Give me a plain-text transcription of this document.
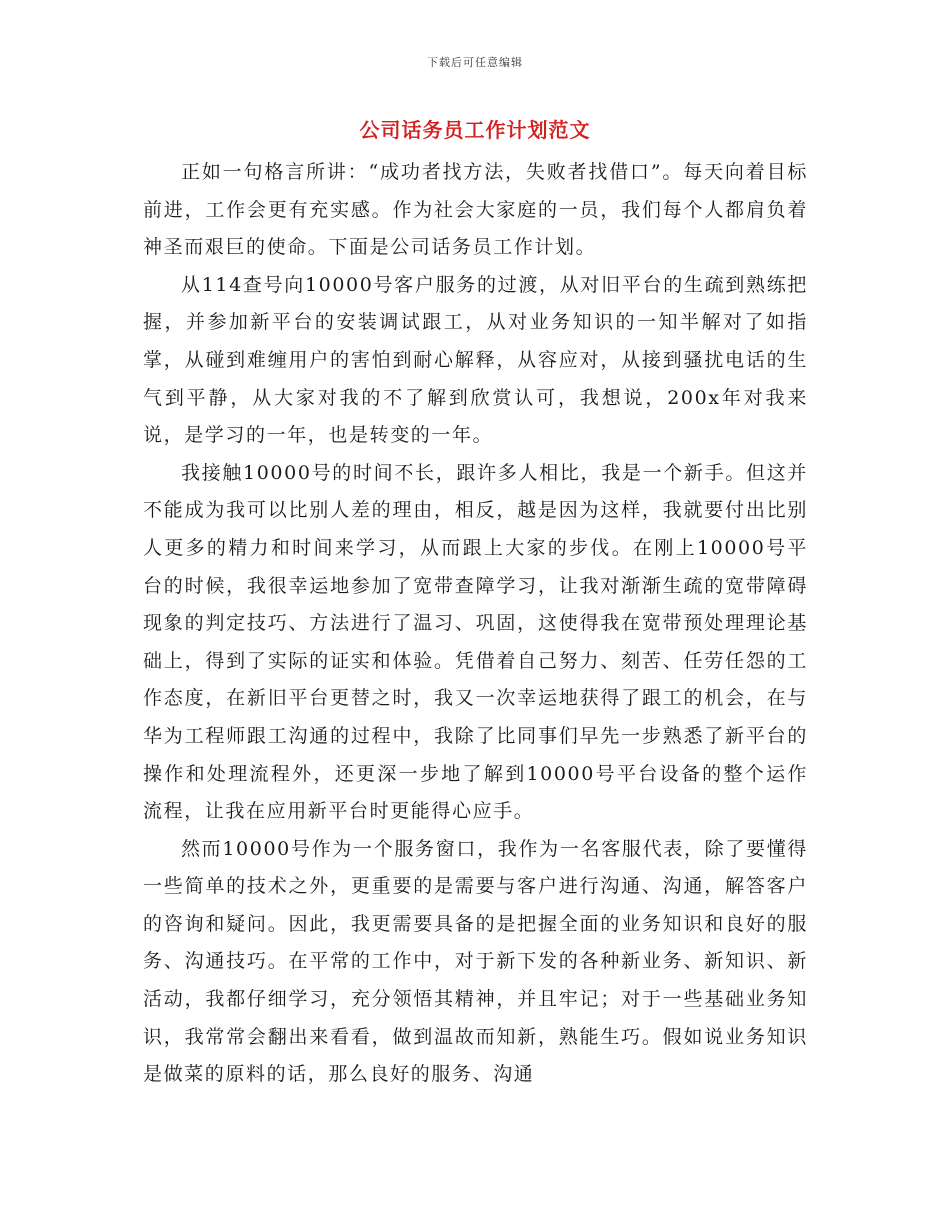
下载后可任意编辑
公司话务员工作计划范文

正如一句格言所讲：“成功者找方法，失败者找借口”。每天向着目标前进，工作会更有充实感。作为社会大家庭的一员，我们每个人都肩负着神圣而艰巨的使命。下面是公司话务员工作计划。

从114查号向10000号客户服务的过渡，从对旧平台的生疏到熟练把握，并参加新平台的安装调试跟工，从对业务知识的一知半解对了如指掌，从碰到难缠用户的害怕到耐心解释，从容应对，从接到骚扰电话的生气到平静，从大家对我的不了解到欣赏认可，我想说，200x年对我来说，是学习的一年，也是转变的一年。

我接触10000号的时间不长，跟许多人相比，我是一个新手。但这并不能成为我可以比别人差的理由，相反，越是因为这样，我就要付出比别人更多的精力和时间来学习，从而跟上大家的步伐。在刚上10000号平台的时候，我很幸运地参加了宽带查障学习，让我对渐渐生疏的宽带障碍现象的判定技巧、方法进行了温习、巩固，这使得我在宽带预处理理论基础上，得到了实际的证实和体验。凭借着自己努力、刻苦、任劳任怨的工作态度，在新旧平台更替之时，我又一次幸运地获得了跟工的机会，在与华为工程师跟工沟通的过程中，我除了比同事们早先一步熟悉了新平台的操作和处理流程外，还更深一步地了解到10000号平台设备的整个运作流程，让我在应用新平台时更能得心应手。

然而10000号作为一个服务窗口，我作为一名客服代表，除了要懂得一些简单的技术之外，更重要的是需要与客户进行沟通、沟通，解答客户的咨询和疑问。因此，我更需要具备的是把握全面的业务知识和良好的服务、沟通技巧。在平常的工作中，对于新下发的各种新业务、新知识、新活动，我都仔细学习，充分领悟其精神，并且牢记；对于一些基础业务知识，我常常会翻出来看看，做到温故而知新，熟能生巧。假如说业务知识是做菜的原料的话，那么良好的服务、沟通
